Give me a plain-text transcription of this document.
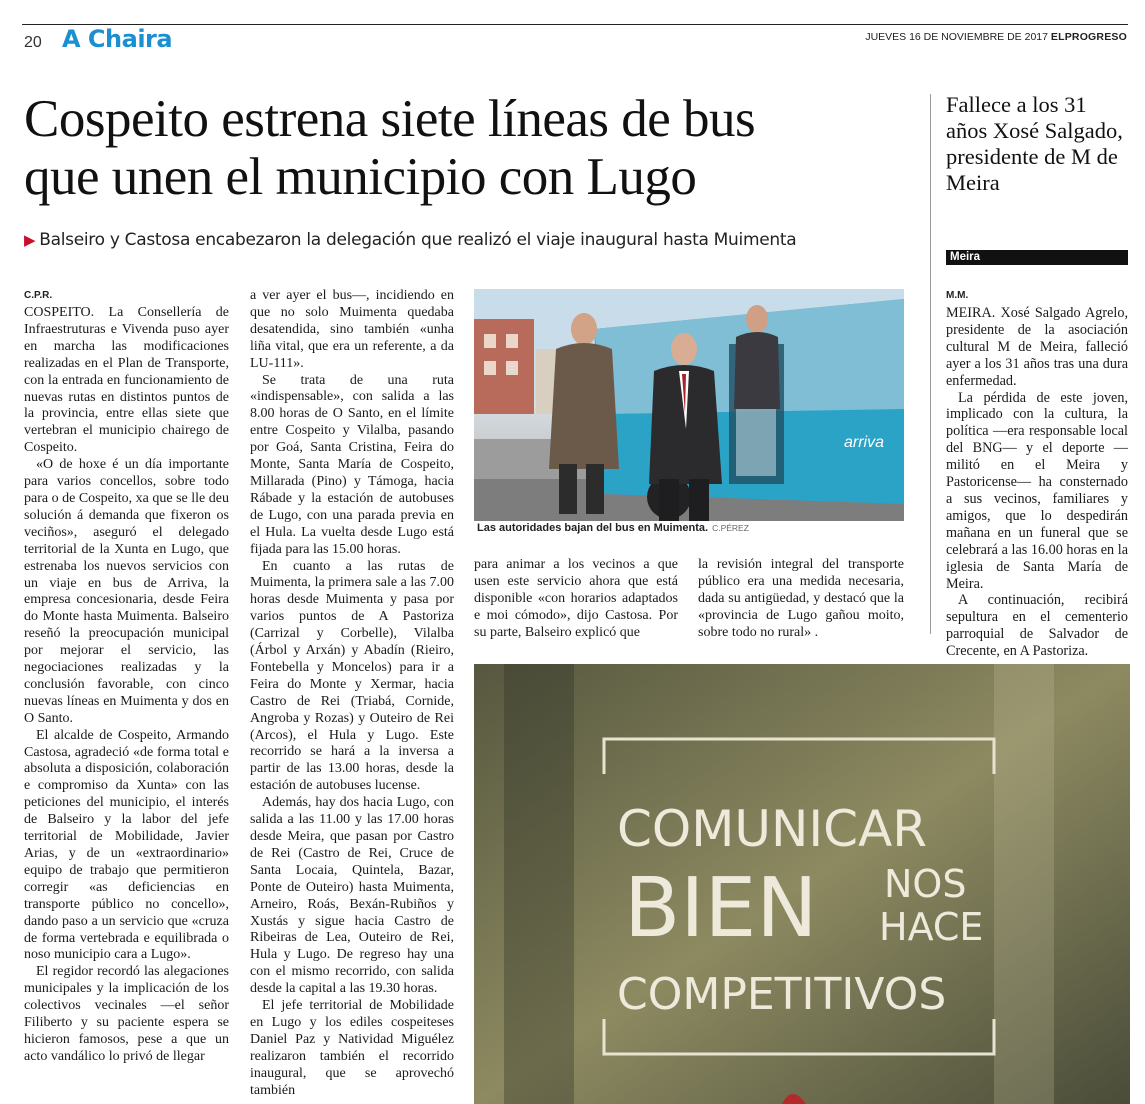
20 A Chaira	JUEVES 16 DE NOVIEMBRE DE 2017 ELPROGRESO
Cospeito estrena siete líneas de bus
que unen el municipio con Lugo
▶ Balseiro y Castosa encabezaron la delegación que realizó el viaje inaugural hasta Muimenta
C.P.R.

COSPEITO. La Consellería de Infraestruturas e Vivenda puso ayer en marcha las modificaciones realizadas en el Plan de Transporte, con la entrada en funcionamiento de nuevas rutas en distintos puntos de la provincia, entre ellas siete que vertebran el municipio chairego de Cospeito.

«O de hoxe é un día importante para varios concellos, sobre todo para o de Cospeito, xa que se lle deu solución á demanda que fixeron os veciños», aseguró el delegado territorial de la Xunta en Lugo, que estrenaba los nuevos servicios con un viaje en bus de Arriva, la empresa concesionaria, desde Feira do Monte hasta Muimenta. Balseiro reseñó la preocupación municipal por mejorar el servicio, las negociaciones realizadas y la conclusión favorable, con cinco nuevas líneas en Muimenta y dos en O Santo.

El alcalde de Cospeito, Armando Castosa, agradeció «de forma total e absoluta a disposición, colaboración e compromiso da Xunta» con las peticiones del municipio, el interés de Balseiro y la labor del jefe territorial de Mobilidade, Javier Arias, y de un «extraordinario» equipo de trabajo que permitieron corregir «as deficiencias en transporte público no concello», dando paso a un servicio que «cruza de forma vertebrada e equilibrada o noso municipio cara a Lugo».

El regidor recordó las alegaciones municipales y la implicación de los colectivos vecinales —el señor Filiberto y su paciente espera se hicieron famosos, pese a que un acto vandálico lo privó de llegar

a ver ayer el bus—, incidiendo en que no solo Muimenta quedaba desatendida, sino también «unha liña vital, que era un referente, a da LU-111».

Se trata de una ruta «indispensable», con salida a las 8.00 horas de O Santo, en el límite entre Cospeito y Vilalba, pasando por Goá, Santa Cristina, Feira do Monte, Santa María de Cospeito, Millarada (Pino) y Támoga, hacia Rábade y la estación de autobuses de Lugo, con una parada previa en el Hula. La vuelta desde Lugo está fijada para las 15.00 horas.

En cuanto a las rutas de Muimenta, la primera sale a las 7.00 horas desde Muimenta y pasa por varios puntos de A Pastoriza (Carrizal y Corbelle), Vilalba (Árbol y Arxán) y Abadín (Rieiro, Fontebella y Moncelos) para ir a Feira do Monte y Xermar, hacia Castro de Rei (Triabá, Cornide, Angroba y Rozas) y Outeiro de Rei (Arcos), el Hula y Lugo. Este recorrido se hará a la inversa a partir de las 13.00 horas, desde la estación de autobuses lucense.

Además, hay dos hacia Lugo, con salida a las 11.00 y las 17.00 horas desde Meira, que pasan por Castro de Rei (Castro de Rei, Cruce de Santa Locaia, Quintela, Bazar, Ponte de Outeiro) hasta Muimenta, Arneiro, Roás, Bexán-Rubiños y Xustás y sigue hacia Castro de Ribeiras de Lea, Outeiro de Rei, Hula y Lugo. De regreso hay una con el mismo recorrido, con salida desde la capital a las 19.30 horas.

El jefe territorial de Mobilidade en Lugo y los ediles cospeiteses Daniel Paz y Natividad Miguélez realizaron también el recorrido inaugural, que se aprovechó también

arriva
Las autoridades bajan del bus en Muimenta. C.PÉREZ

para animar a los vecinos a que usen este servicio ahora que está disponible «con horarios adaptados e moi cómodo», dijo Castosa. Por su parte, Balseiro explicó que

la revisión integral del transporte público era una medida necesaria, dada su antigüedad, y destacó que la «provincia de Lugo gañou moito, sobre todo no rural» .

Fallece a los 31 años Xosé Salgado, presidente de M de Meira
Meira
M.M.

MEIRA. Xosé Salgado Agrelo, presidente de la asociación cultural M de Meira, falleció ayer a los 31 años tras una dura enfermedad.

La pérdida de este joven, implicado con la cultura, la política —era responsable local del BNG— y el deporte —militó en el Meira y Pastoricense— ha consternado a sus vecinos, familiares y amigos, que lo despedirán mañana en un funeral que se celebrará a las 16.00 horas en la iglesia de Santa María de Meira.

A continuación, recibirá sepultura en el cementerio parroquial de Salvador de Crecente, en A Pastoriza.

COMUNICAR
BIEN NOS
HACE
COMPETITIVOS
